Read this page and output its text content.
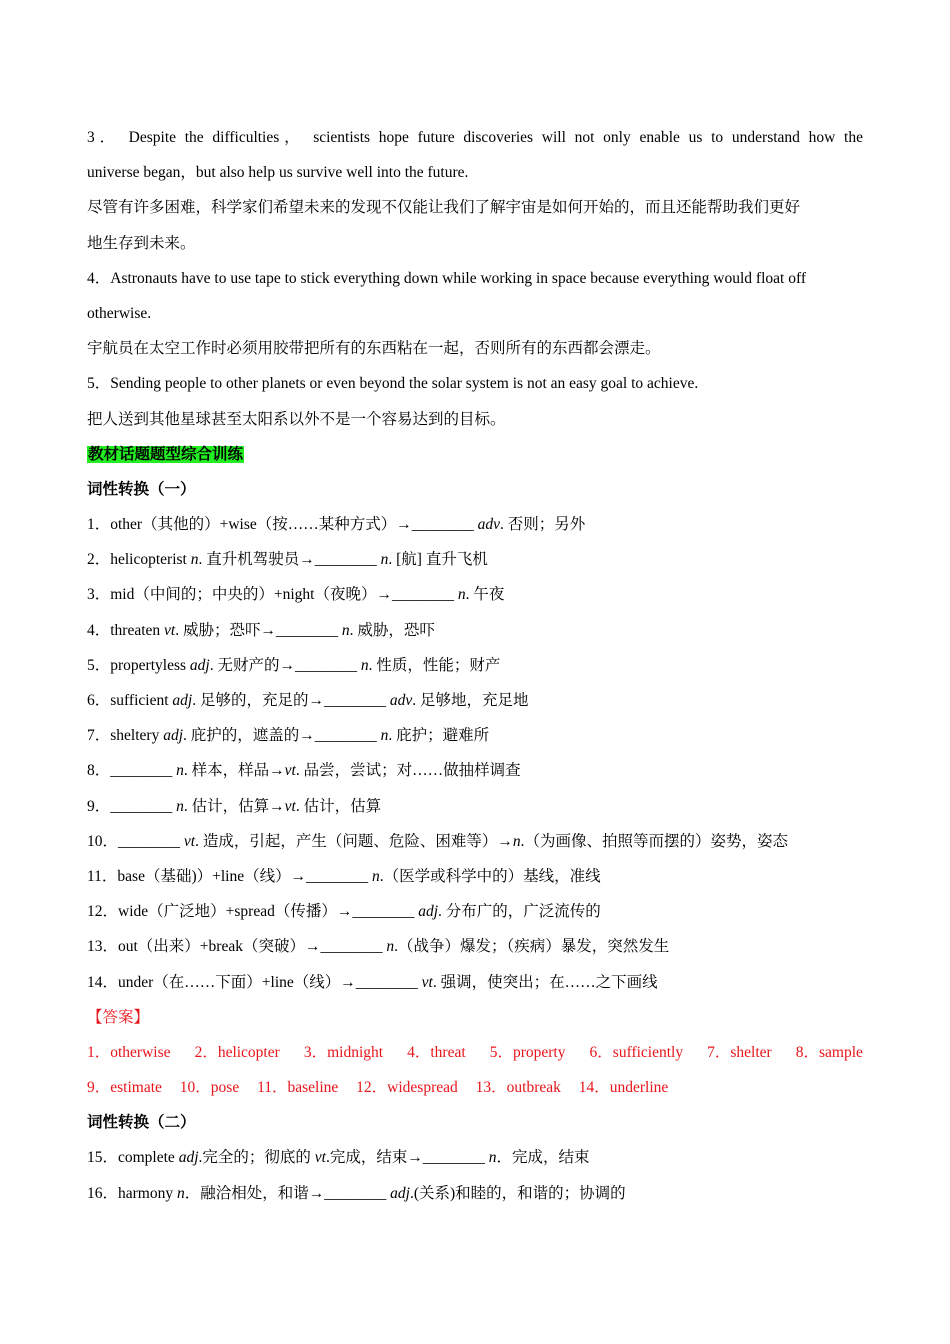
3． Despite the difficulties， scientists hope future discoveries will not only enable us to understand how the
universe began，but also help us survive well into the future.
尽管有许多困难，科学家们希望未来的发现不仅能让我们了解宇宙是如何开始的，而且还能帮助我们更好
地生存到未来。
4．Astronauts have to use tape to stick everything down while working in space because everything would float off
otherwise.
宇航员在太空工作时必须用胶带把所有的东西粘在一起，否则所有的东西都会漂走。
5．Sending people to other planets or even beyond the solar system is not an easy goal to achieve.
把人送到其他星球甚至太阳系以外不是一个容易达到的目标。
教材话题题型综合训练
词性转换（一）
1．other（其他的）+wise（按……某种方式）→________ adv. 否则；另外
2．helicopterist n. 直升机驾驶员→________ n. [航] 直升飞机
3．mid（中间的；中央的）+night（夜晚）→________ n. 午夜
4．threaten vt. 威胁；恐吓→________ n. 威胁，恐吓
5．propertyless adj. 无财产的→________ n. 性质，性能；财产
6．sufficient adj. 足够的，充足的→________ adv. 足够地，充足地
7．sheltery adj. 庇护的，遮盖的→________ n. 庇护；避难所
8．________ n. 样本，样品→vt. 品尝，尝试；对……做抽样调查
9．________ n. 估计，估算→vt. 估计，估算
10．________ vt. 造成，引起，产生（问题、危险、困难等）→n.（为画像、拍照等而摆的）姿势，姿态
11．base（基础)）+line（线）→________ n.（医学或科学中的）基线，准线
12．wide（广泛地）+spread（传播）→________ adj. 分布广的，广泛流传的
13．out（出来）+break（突破）→________ n.（战争）爆发；（疾病）暴发，突然发生
14．under（在……下面）+line（线）→________ vt. 强调，使突出；在……之下画线
【答案】
1．otherwise 2．helicopter 3．midnight 4．threat 5．property 6．sufficiently 7．shelter 8．sample
9．estimate 10．pose 11．baseline 12．widespread 13．outbreak 14．underline
词性转换（二）
15．complete adj.完全的；彻底的 vt.完成，结束→________ n．完成，结束
16．harmony n．融洽相处，和谐→________ adj.(关系)和睦的，和谐的；协调的
